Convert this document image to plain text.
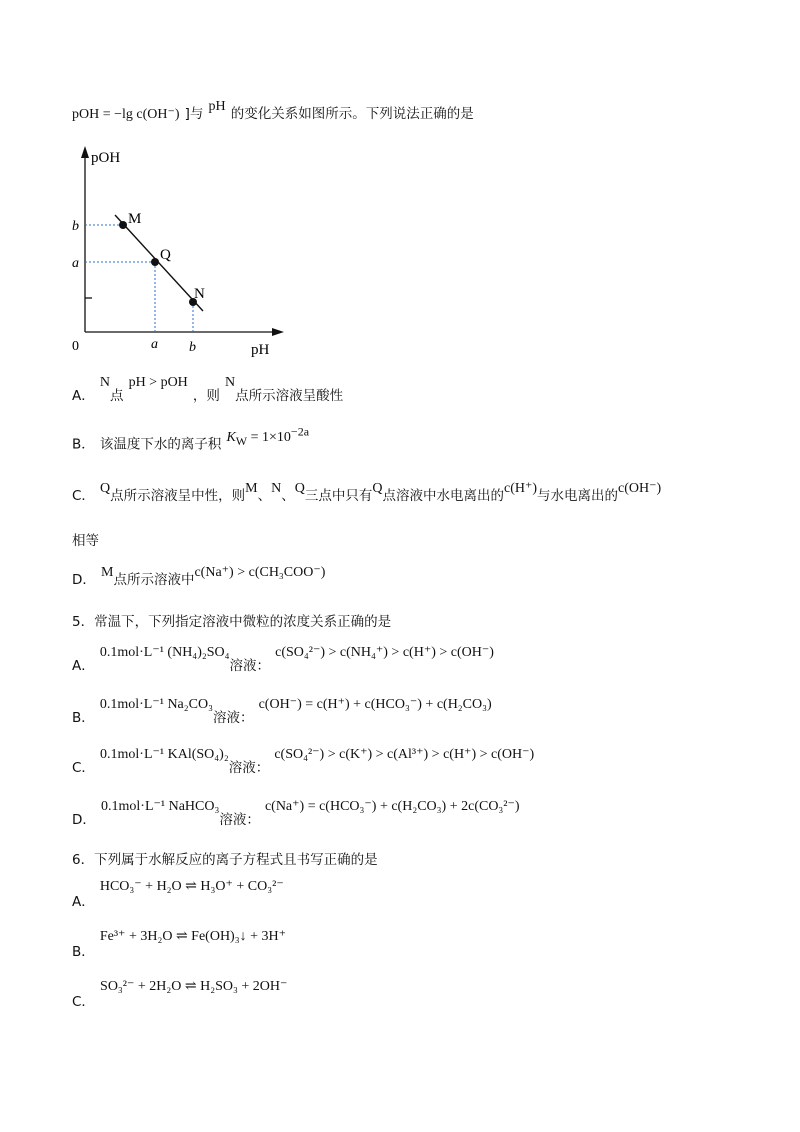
pOH = −lg c(OH⁻) ]与 pH 的变化关系如图所示。下列说法正确的是
pOH
pH
0
b
a
a b
M
Q
N
$_{A.}$ $N_点$ pH > pOH $_{,则}$ $N_{点所示溶液呈酸性}$
B． 该温度下水的离子积 $K_W = 1\times 10^{-2a}$
C． Q点所示溶液呈中性，则M、N、Q三点中只有Q点溶液中水电离出的c(H⁺)与水电离出的c(OH⁻)
相等
D． M点所示溶液中c(Na⁺) > c(CH₃COO⁻)
5．常温下，下列指定溶液中微粒的浓度关系正确的是
$_{A.}$ 0.1mol·L⁻¹ $(NH_4)_2SO_4_{溶液:}$ c(SO₄²⁻) > c(NH₄⁺) > c(H⁺) > c(OH⁻)
$_{B.}$ 0.1mol·L⁻¹ $Na_2CO_3_{溶液:}$ c(OH⁻) = c(H⁺) + c(HCO₃⁻) + c(H₂CO₃)
$_{C.}$ 0.1mol·L⁻¹ $KAl(SO_4)_2_{溶液:}$ c(SO₄²⁻) > c(K⁺) > c(Al³⁺) > c(H⁺) > c(OH⁻)
$_{D.}$ 0.1mol·L⁻¹ $NaHCO_3_{溶液:}$ c(Na⁺) = c(HCO₃⁻) + c(H₂CO₃) + 2c(CO₃²⁻)
6．下列属于水解反应的离子方程式且书写正确的是
$_{A.}$ HCO₃⁻ + H₂O ⇌ H₃O⁺ + CO₃²⁻
$_{B.}$ Fe³⁺ + 3H₂O ⇌ Fe(OH)₃↓ + 3H⁺
$_{C.}$ SO₃²⁻ + 2H₂O ⇌ H₂SO₃ + 2OH⁻
